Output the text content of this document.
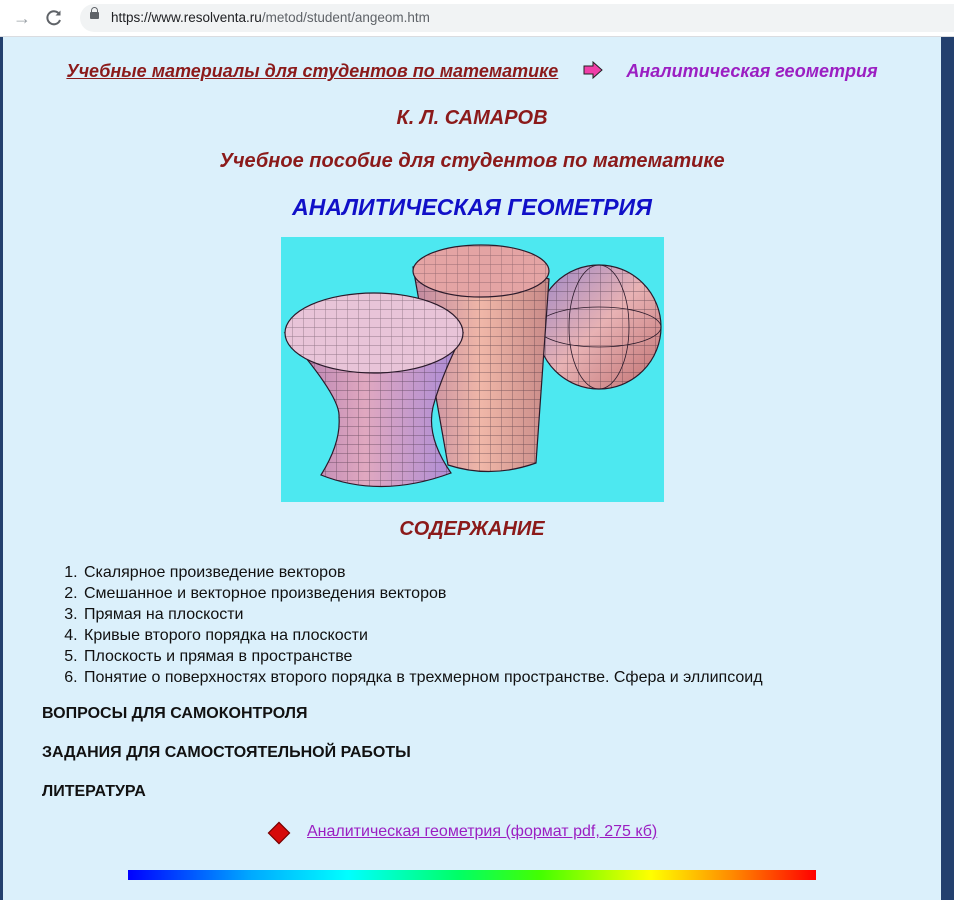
→	https://www.resolventa.ru/metod/student/angeom.htm
Учебные материалы для студентов по математике	Аналитическая геометрия
К. Л. САМАРОВ
Учебное пособие для студентов по математике
АНАЛИТИЧЕСКАЯ ГЕОМЕТРИЯ
СОДЕРЖАНИЕ
1. Скалярное произведение векторов
2. Смешанное и векторное произведения векторов
3. Прямая на плоскости
4. Кривые второго порядка на плоскости
5. Плоскость и прямая в пространстве
6. Понятие о поверхностях второго порядка в трехмерном пространстве. Сфера и эллипсоид
ВОПРОСЫ ДЛЯ САМОКОНТРОЛЯ
ЗАДАНИЯ ДЛЯ САМОСТОЯТЕЛЬНОЙ РАБОТЫ
ЛИТЕРАТУРА
Аналитическая геометрия (формат pdf, 275 кб)
